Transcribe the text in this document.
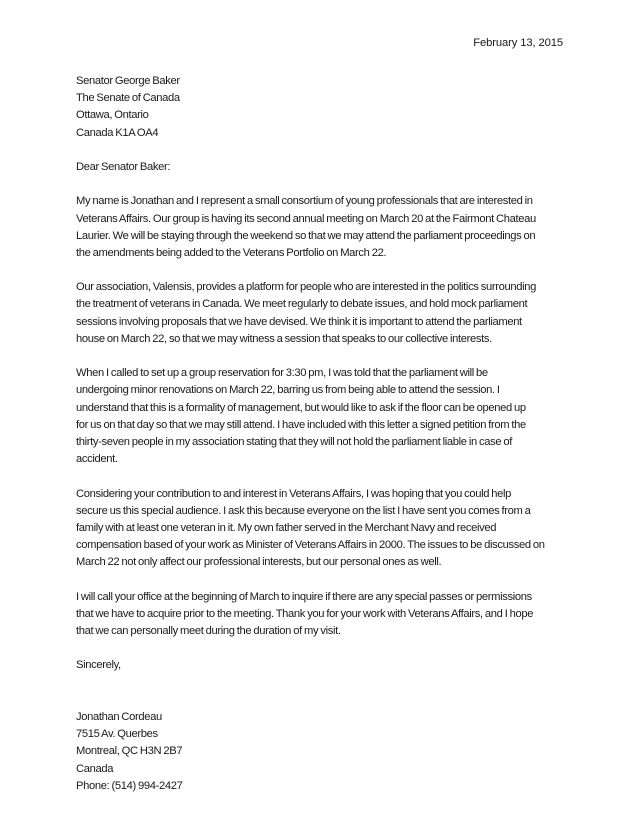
February 13, 2015
Senator George Baker
The Senate of Canada
Ottawa, Ontario
Canada K1A OA4
Dear Senator Baker:
My name is Jonathan and I represent a small consortium of young professionals that are interested in
Veterans Affairs. Our group is having its second annual meeting on March 20 at the Fairmont Chateau
Laurier. We will be staying through the weekend so that we may attend the parliament proceedings on
the amendments being added to the Veterans Portfolio on March 22.
Our association, Valensis, provides a platform for people who are interested in the politics surrounding
the treatment of veterans in Canada. We meet regularly to debate issues, and hold mock parliament
sessions involving proposals that we have devised. We think it is important to attend the parliament
house on March 22, so that we may witness a session that speaks to our collective interests.
When I called to set up a group reservation for 3:30 pm, I was told that the parliament will be
undergoing minor renovations on March 22, barring us from being able to attend the session. I
understand that this is a formality of management, but would like to ask if the floor can be opened up
for us on that day so that we may still attend. I have included with this letter a signed petition from the
thirty-seven people in my association stating that they will not hold the parliament liable in case of
accident.
Considering your contribution to and interest in Veterans Affairs, I was hoping that you could help
secure us this special audience. I ask this because everyone on the list I have sent you comes from a
family with at least one veteran in it. My own father served in the Merchant Navy and received
compensation based of your work as Minister of Veterans Affairs in 2000. The issues to be discussed on
March 22 not only affect our professional interests, but our personal ones as well.
I will call your office at the beginning of March to inquire if there are any special passes or permissions
that we have to acquire prior to the meeting. Thank you for your work with Veterans Affairs, and I hope
that we can personally meet during the duration of my visit.
Sincerely,
Jonathan Cordeau
7515 Av. Querbes
Montreal, QC H3N 2B7
Canada
Phone: (514) 994-2427
